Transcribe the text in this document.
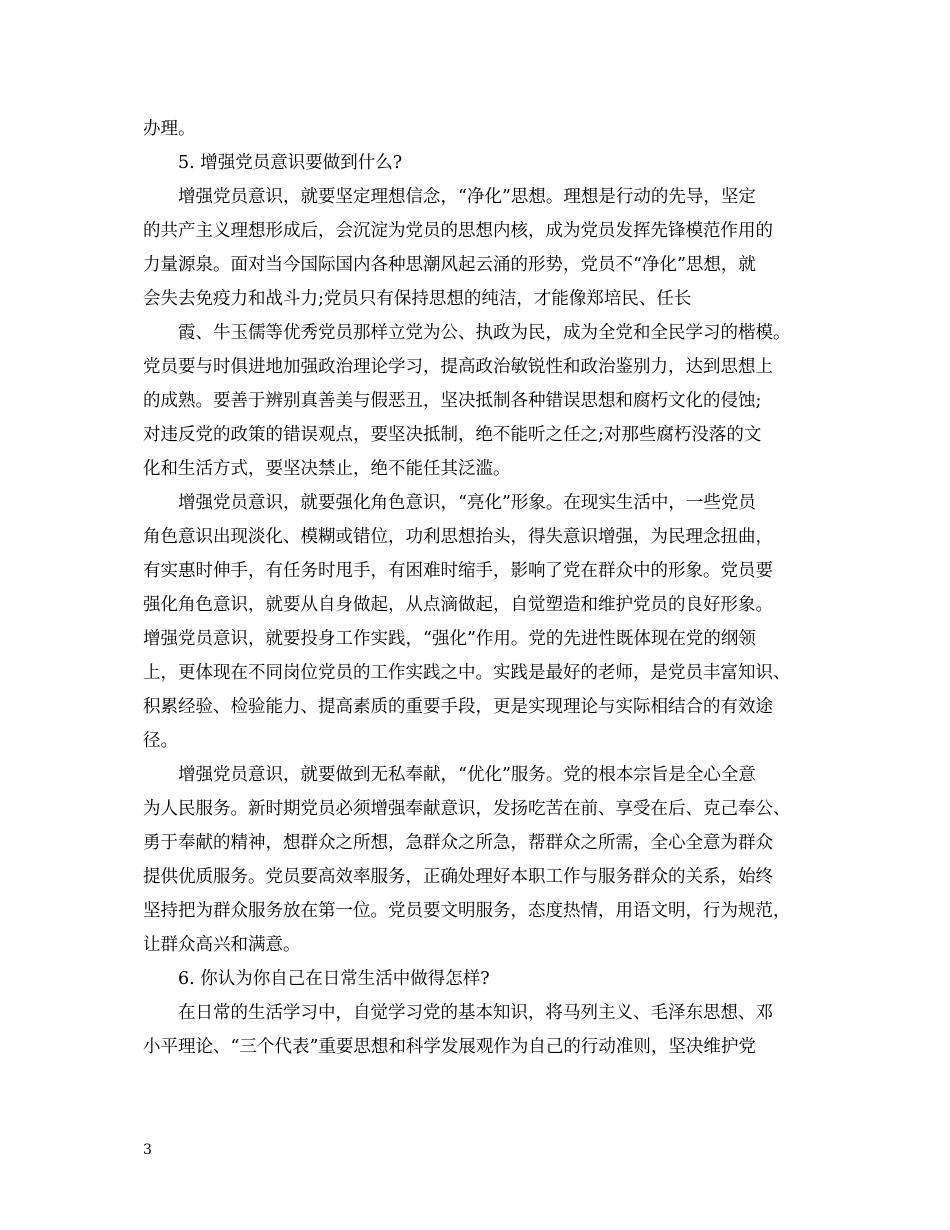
办理。
5. 增强党员意识要做到什么?
增强党员意识，就要坚定理想信念，“净化”思想。理想是行动的先导，坚定
的共产主义理想形成后，会沉淀为党员的思想内核，成为党员发挥先锋模范作用的
力量源泉。面对当今国际国内各种思潮风起云涌的形势，党员不“净化”思想，就
会失去免疫力和战斗力;党员只有保持思想的纯洁，才能像郑培民、任长
霞、牛玉儒等优秀党员那样立党为公、执政为民，成为全党和全民学习的楷模。
党员要与时俱进地加强政治理论学习，提高政治敏锐性和政治鉴别力，达到思想上
的成熟。要善于辨别真善美与假恶丑，坚决抵制各种错误思想和腐朽文化的侵蚀;
对违反党的政策的错误观点，要坚决抵制，绝不能听之任之;对那些腐朽没落的文
化和生活方式，要坚决禁止，绝不能任其泛滥。
增强党员意识，就要强化角色意识，“亮化”形象。在现实生活中，一些党员
角色意识出现淡化、模糊或错位，功利思想抬头，得失意识增强，为民理念扭曲，
有实惠时伸手，有任务时甩手，有困难时缩手，影响了党在群众中的形象。党员要
强化角色意识，就要从自身做起，从点滴做起，自觉塑造和维护党员的良好形象。
增强党员意识，就要投身工作实践，“强化”作用。党的先进性既体现在党的纲领
上，更体现在不同岗位党员的工作实践之中。实践是最好的老师，是党员丰富知识、
积累经验、检验能力、提高素质的重要手段，更是实现理论与实际相结合的有效途
径。
增强党员意识，就要做到无私奉献，“优化”服务。党的根本宗旨是全心全意
为人民服务。新时期党员必须增强奉献意识，发扬吃苦在前、享受在后、克己奉公、
勇于奉献的精神，想群众之所想，急群众之所急，帮群众之所需，全心全意为群众
提供优质服务。党员要高效率服务，正确处理好本职工作与服务群众的关系，始终
坚持把为群众服务放在第一位。党员要文明服务，态度热情，用语文明，行为规范，
让群众高兴和满意。
6. 你认为你自己在日常生活中做得怎样?
在日常的生活学习中，自觉学习党的基本知识，将马列主义、毛泽东思想、邓
小平理论、“三个代表”重要思想和科学发展观作为自己的行动准则，坚决维护党
3
